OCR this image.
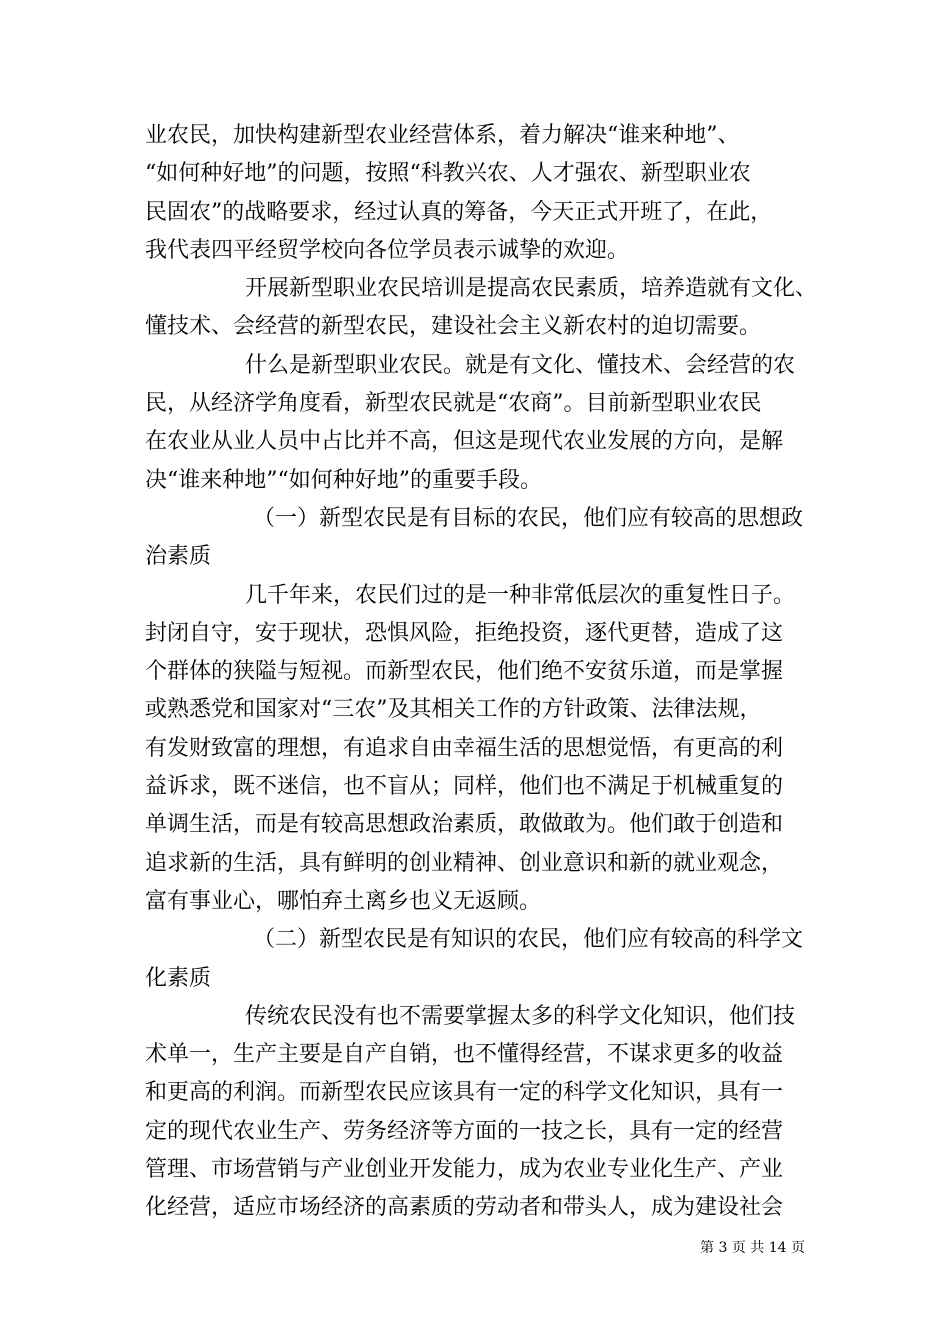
业农民，加快构建新型农业经营体系，着力解决“谁来种地”、
“如何种好地”的问题，按照“科教兴农、人才强农、新型职业农
民固农”的战略要求，经过认真的筹备，今天正式开班了，在此，
我代表四平经贸学校向各位学员表示诚挚的欢迎。
开展新型职业农民培训是提高农民素质，培养造就有文化、
懂技术、会经营的新型农民，建设社会主义新农村的迫切需要。
什么是新型职业农民。就是有文化、懂技术、会经营的农
民，从经济学角度看，新型农民就是“农商”。目前新型职业农民
在农业从业人员中占比并不高，但这是现代农业发展的方向，是解
决“谁来种地”“如何种好地”的重要手段。
（一）新型农民是有目标的农民，他们应有较高的思想政
治素质
几千年来，农民们过的是一种非常低层次的重复性日子。
封闭自守，安于现状，恐惧风险，拒绝投资，逐代更替，造成了这
个群体的狭隘与短视。而新型农民，他们绝不安贫乐道，而是掌握
或熟悉党和国家对“三农”及其相关工作的方针政策、法律法规，
有发财致富的理想，有追求自由幸福生活的思想觉悟，有更高的利
益诉求，既不迷信，也不盲从；同样，他们也不满足于机械重复的
单调生活，而是有较高思想政治素质，敢做敢为。他们敢于创造和
追求新的生活，具有鲜明的创业精神、创业意识和新的就业观念，
富有事业心，哪怕弃土离乡也义无返顾。
（二）新型农民是有知识的农民，他们应有较高的科学文
化素质
传统农民没有也不需要掌握太多的科学文化知识，他们技
术单一，生产主要是自产自销，也不懂得经营，不谋求更多的收益
和更高的利润。而新型农民应该具有一定的科学文化知识，具有一
定的现代农业生产、劳务经济等方面的一技之长，具有一定的经营
管理、市场营销与产业创业开发能力，成为农业专业化生产、产业
化经营，适应市场经济的高素质的劳动者和带头人，成为建设社会
第 3 页 共 14 页
